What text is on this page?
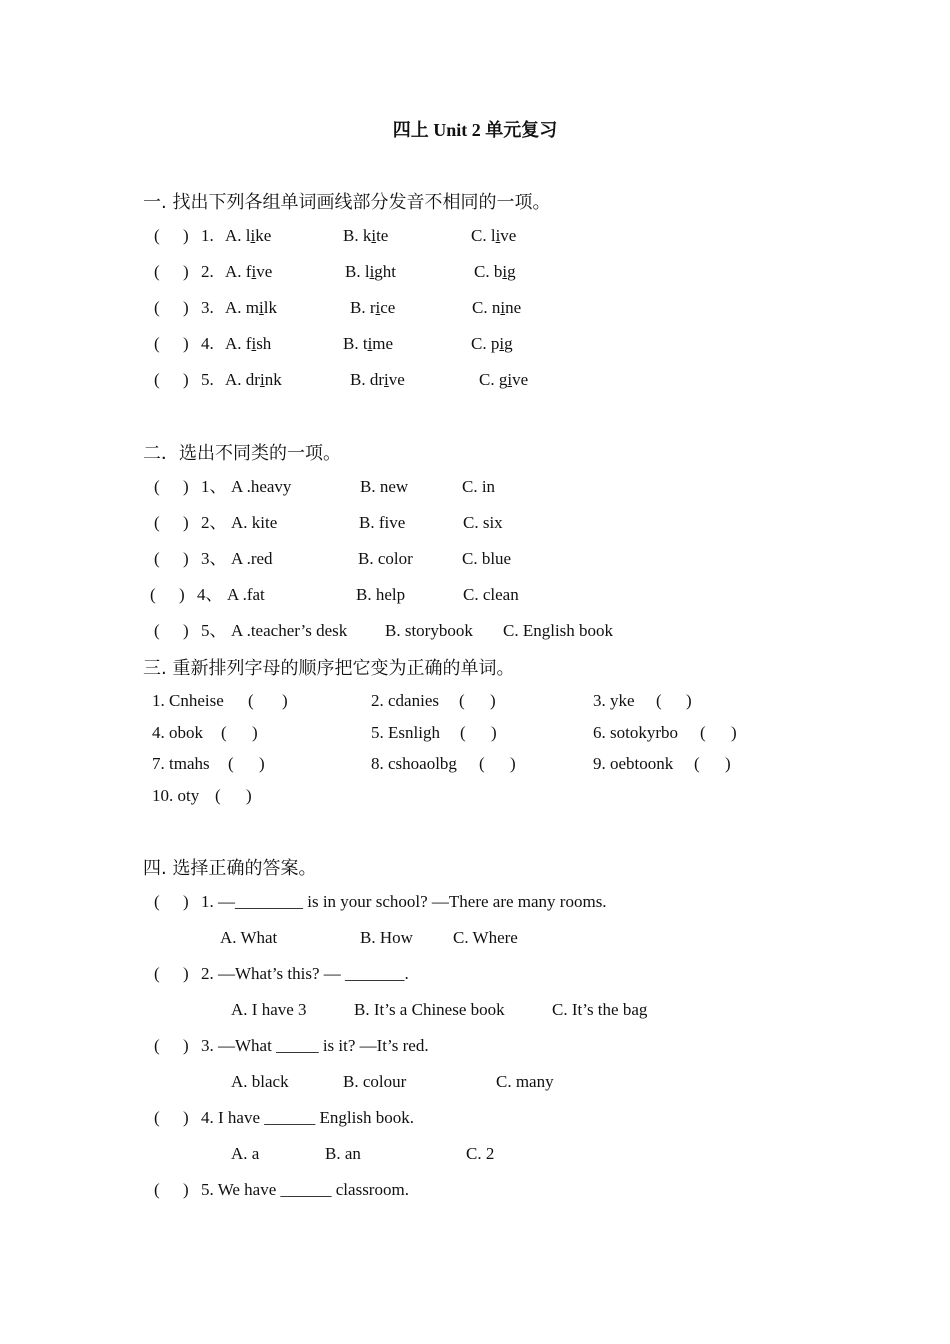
四上 Unit 2 单元复习
一. 找出下列各组单词画线部分发音不相同的一项。
( ) 1. A. like	B. kite	C. live
( ) 2. A. five	B. light	C. big
( ) 3. A. milk	B. rice	C. nine
( ) 4. A. fish	B. time	C. pig
( ) 5. A. drink	B. drive	C. give
二．选出不同类的一项。
( ) 1、 A .heavy	B. new	C. in
( ) 2、 A. kite	B. five	C. six
( ) 3、 A .red	B. color	C. blue
( ) 4、 A .fat	B. help	C. clean
( ) 5、 A .teacher’s desk B. storybook C. English book
三. 重新排列字母的顺序把它变为正确的单词。
1. Cnheise ( )	2. cdanies ( )	3. yke ( )
4. obok ( )	5. Esnligh ( )	6. sotokyrbo ( )
7. tmahs ( )	8. cshoaolbg ( )	9. oebtoonk ( )
10. oty ( )
四. 选择正确的答案。
( ) 1. —________ is in your school? —There are many rooms.
A. What	B. How C. Where
( ) 2. —What’s this? — _______.
A. I have 3	B. It’s a Chinese book	C. It’s the bag
( ) 3. —What _____ is it? —It’s red.
A. black	B. colour	C. many
( ) 4. I have ______ English book.
A. a	B. an	C. 2
( ) 5. We have ______ classroom.
